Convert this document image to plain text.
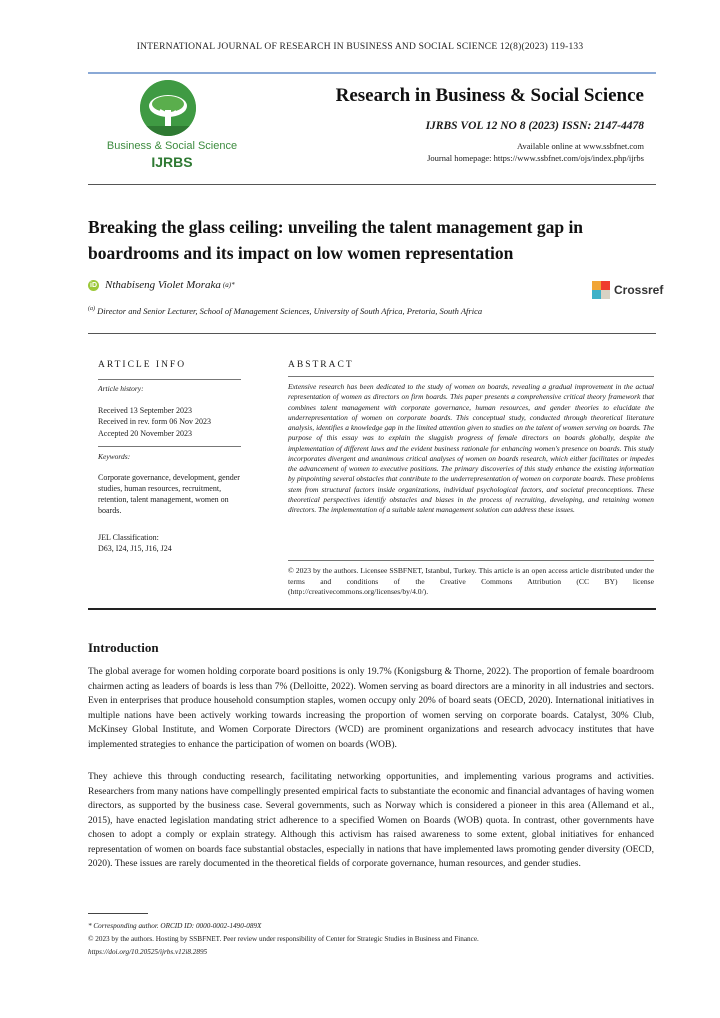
INTERNATIONAL JOURNAL OF RESEARCH IN BUSINESS AND SOCIAL SCIENCE 12(8)(2023) 119-133
Business & Social Science
IJRBS
Research in Business & Social Science
IJRBS VOL 12 NO 8 (2023) ISSN: 2147-4478
Available online at www.ssbfnet.com
Journal homepage: https://www.ssbfnet.com/ojs/index.php/ijrbs
Breaking the glass ceiling: unveiling the talent management gap in boardrooms and its impact on low women representation
iD Nthabiseng Violet Moraka (a)*	Crossref
$^{(a)}$ Director and Senior Lecturer, School of Management Sciences, University of South Africa, Pretoria, South Africa
ARTICLE INFO
Article history:
Received 13 September 2023
Received in rev. form 06 Nov 2023
Accepted 20 November 2023
Keywords:
Corporate governance, development, gender studies, human resources, recruitment, retention, talent management, women on boards.
JEL Classification:
D63, I24, J15, J16, J24
ABSTRACT
Extensive research has been dedicated to the study of women on boards, revealing a gradual improvement in the actual representation of women as directors on firm boards. This paper presents a comprehensive critical theory framework that combines talent management with corporate governance, human resources, and gender theories to elucidate the underrepresentation of women on corporate boards. This conceptual study, conducted through theoretical literature analysis, identifies a knowledge gap in the limited attention given to studies on the talent of women serving on boards. The purpose of this essay was to explain the sluggish progress of female directors on boards globally, despite the implementation of different laws and the evident business rationale for enhancing women's presence on boards. This study incorporates divergent and unanimous critical analyses of women on boards research, which either facilitates or impedes the advancement of women to executive positions. The primary discoveries of this study enhance the existing information by pinpointing several obstacles that contribute to the underrepresentation of women on corporate boards. These problems stem from structural factors inside organizations, individual psychological factors, and societal preconceptions. These theoretical perspectives identify obstacles and biases in the process of recruiting, developing, and retaining women directors. The implementation of a suitable talent management solution can address these issues.
© 2023 by the authors. Licensee SSBFNET, Istanbul, Turkey. This article is an open access article distributed under the terms and conditions of the Creative Commons Attribution (CC BY) license (http://creativecommons.org/licenses/by/4.0/).
Introduction
The global average for women holding corporate board positions is only 19.7% (Konigsburg & Thorne, 2022). The proportion of female boardroom chairmen acting as leaders of boards is less than 7% (Delloitte, 2022). Women serving as board directors are a minority in all industries and sectors. Even in enterprises that produce household consumption staples, women occupy only 20% of board seats (OECD, 2020). International initiatives in multiple nations have been actively working towards increasing the proportion of women serving on corporate boards. Catalyst, 30% Club, McKinsey Global Institute, and Women Corporate Directors (WCD) are prominent organizations and research advocacy institutes that have implemented strategies to enhance the participation of women on boards (WOB).
They achieve this through conducting research, facilitating networking opportunities, and implementing various programs and activities. Researchers from many nations have compellingly presented empirical facts to substantiate the economic and financial advantages of having women directors, as supported by the business case. Several governments, such as Norway which is considered a pioneer in this area (Allemand et al., 2015), have enacted legislation mandating strict adherence to a specified Women on Boards (WOB) quota. In contrast, other governments have chosen to adopt a comply or explain strategy. Although this activism has raised awareness to some extent, global initiatives for enhanced representation of women on boards face substantial obstacles, especially in nations that have implemented laws promoting gender diversity (OECD, 2020). These issues are rarely documented in the theoretical fields of corporate governance, human resources, and gender studies.
* Corresponding author. ORCID ID: 0000-0002-1490-089X
© 2023 by the authors. Hosting by SSBFNET. Peer review under responsibility of Center for Strategic Studies in Business and Finance.
https://doi.org/10.20525/ijrbs.v12i8.2895
